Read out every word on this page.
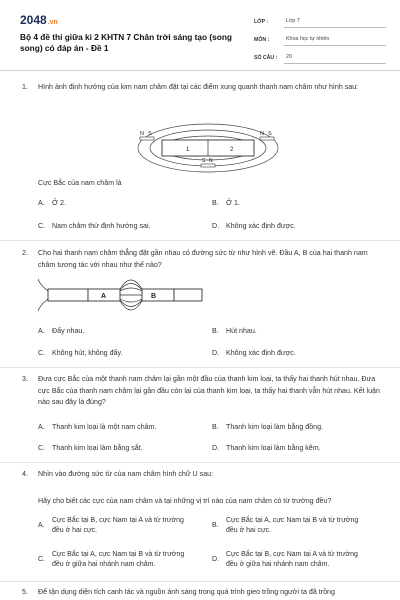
2048.vn
Bộ 4 đề thi giữa kì 2 KHTN 7 Chân trời sáng tạo (song song) có đáp án - Đề 1
LỚP :	Lớp 7
MÔN :	Khoa học tự nhiên
SỐ CÂU :	20
1.	Hình ảnh định hướng của kim nam châm đặt tại các điểm xung quanh thanh nam châm như hình sau:
1	2
N S	N S
S N
Cực Bắc của nam châm là
A. Ở 2.	B. Ở 1.
C. Nam châm thử định hướng sai.	D. Không xác định được.
2.	Cho hai thanh nam châm thẳng đặt gần nhau có đường sức từ như hình vẽ. Đầu A, B của hai thanh nam châm tương tác với nhau như thế nào?
A	B
A. Đẩy nhau.	B. Hút nhau.
C. Không hút, không đẩy.	D. Không xác định được.
3.	Đưa cực Bắc của một thanh nam châm lại gần một đầu của thanh kim loại, ta thấy hai thanh hút nhau. Đưa cực Bắc của thanh nam châm lại gần đầu còn lại của thanh kim loại, ta thấy hai thanh vẫn hút nhau. Kết luận nào sau đây là đúng?
A. Thanh kim loại là một nam châm.	B. Thanh kim loại làm bằng đồng.
C. Thanh kim loại làm bằng sắt.	D. Thanh kim loại làm bằng kẽm.
4.	Nhìn vào đường sức từ của nam châm hình chữ U sau:
Hãy cho biết các cực của nam châm và tại những vị trí nào của nam châm có từ trường đều?
A.
Cực Bắc tại B, cực Nam tại A và từ trường đều ở hai cực.
B.
Cực Bắc tại A, cực Nam tại B và từ trường đều ở hai cực.
C.
Cực Bắc tại A, cực Nam tại B và từ trường đều ở giữa hai nhánh nam châm.
D.
Cực Bắc tại B, cực Nam tại A và từ trường đều ở giữa hai nhánh nam châm.
5.	Để tận dụng diện tích canh tác và nguồn ánh sáng trong quá trình gieo trồng người ta đã trồng
